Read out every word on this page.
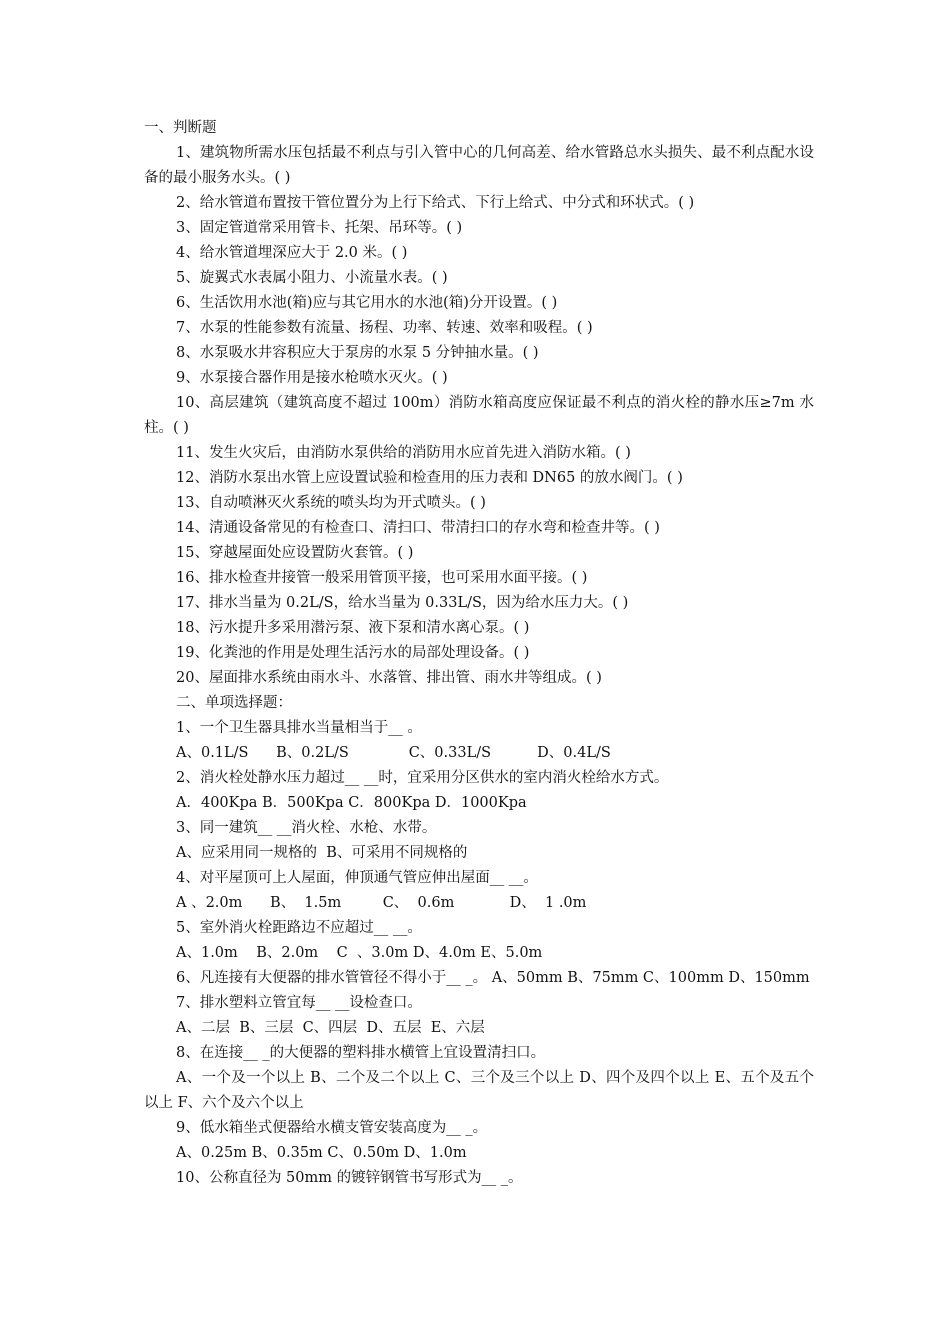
一、判断题
1、建筑物所需水压包括最不利点与引入管中心的几何高差、给水管路总水头损失、最不利点配水设备的最小服务水头。( )
2、给水管道布置按干管位置分为上行下给式、下行上给式、中分式和环状式。( )
3、固定管道常采用管卡、托架、吊环等。( )
4、给水管道埋深应大于 2.0 米。( )
5、旋翼式水表属小阻力、小流量水表。( )
6、生活饮用水池(箱)应与其它用水的水池(箱)分开设置。( )
7、水泵的性能参数有流量、扬程、功率、转速、效率和吸程。( )
8、水泵吸水井容积应大于泵房的水泵 5 分钟抽水量。( )
9、水泵接合器作用是接水枪喷水灭火。( )
10、高层建筑（建筑高度不超过 100m）消防水箱高度应保证最不利点的消火栓的静水压≥7m 水柱。( )
11、发生火灾后，由消防水泵供给的消防用水应首先进入消防水箱。( )
12、消防水泵出水管上应设置试验和检查用的压力表和 DN65 的放水阀门。( )
13、自动喷淋灭火系统的喷头均为开式喷头。( )
14、清通设备常见的有检查口、清扫口、带清扫口的存水弯和检查井等。( )
15、穿越屋面处应设置防火套管。( )
16、排水检查井接管一般采用管顶平接，也可采用水面平接。( )
17、排水当量为 0.2L/S，给水当量为 0.33L/S，因为给水压力大。( )
18、污水提升多采用潜污泵、液下泵和清水离心泵。( )
19、化粪池的作用是处理生活污水的局部处理设备。( )
20、屋面排水系统由雨水斗、水落管、排出管、雨水井等组成。( )
二、单项选择题：
1、一个卫生器具排水当量相当于__ 。
A、0.1L/S      B、0.2L/S             C、0.33L/S          D、0.4L/S
2、消火栓处静水压力超过__ __时，宜采用分区供水的室内消火栓给水方式。
A．400Kpa B．500Kpa C．800Kpa D．1000Kpa
3、同一建筑__ __消火栓、水枪、水带。
A、应采用同一规格的  B、可采用不同规格的
4、对平屋顶可上人屋面，伸顶通气管应伸出屋面__ __。
A 、2.0m      B、  1.5m         C、  0.6m            D、  1 .0m
5、室外消火栓距路边不应超过__ __。
A、1.0m    B、2.0m    C  、3.0m D、4.0m E、5.0m
6、凡连接有大便器的排水管管径不得小于__ _。 A、50mm B、75mm C、100mm D、150mm
7、排水塑料立管宜每__ __设检查口。
A、二层  B、三层  C、四层  D、五层  E、六层
8、在连接__ _的大便器的塑料排水横管上宜设置清扫口。
A、一个及一个以上 B、二个及二个以上 C、三个及三个以上 D、四个及四个以上 E、五个及五个以上 F、六个及六个以上
9、低水箱坐式便器给水横支管安装高度为__ _。
A、0.25m B、0.35m C、0.50m D、1.0m
10、公称直径为 50mm 的镀锌钢管书写形式为__ _。
